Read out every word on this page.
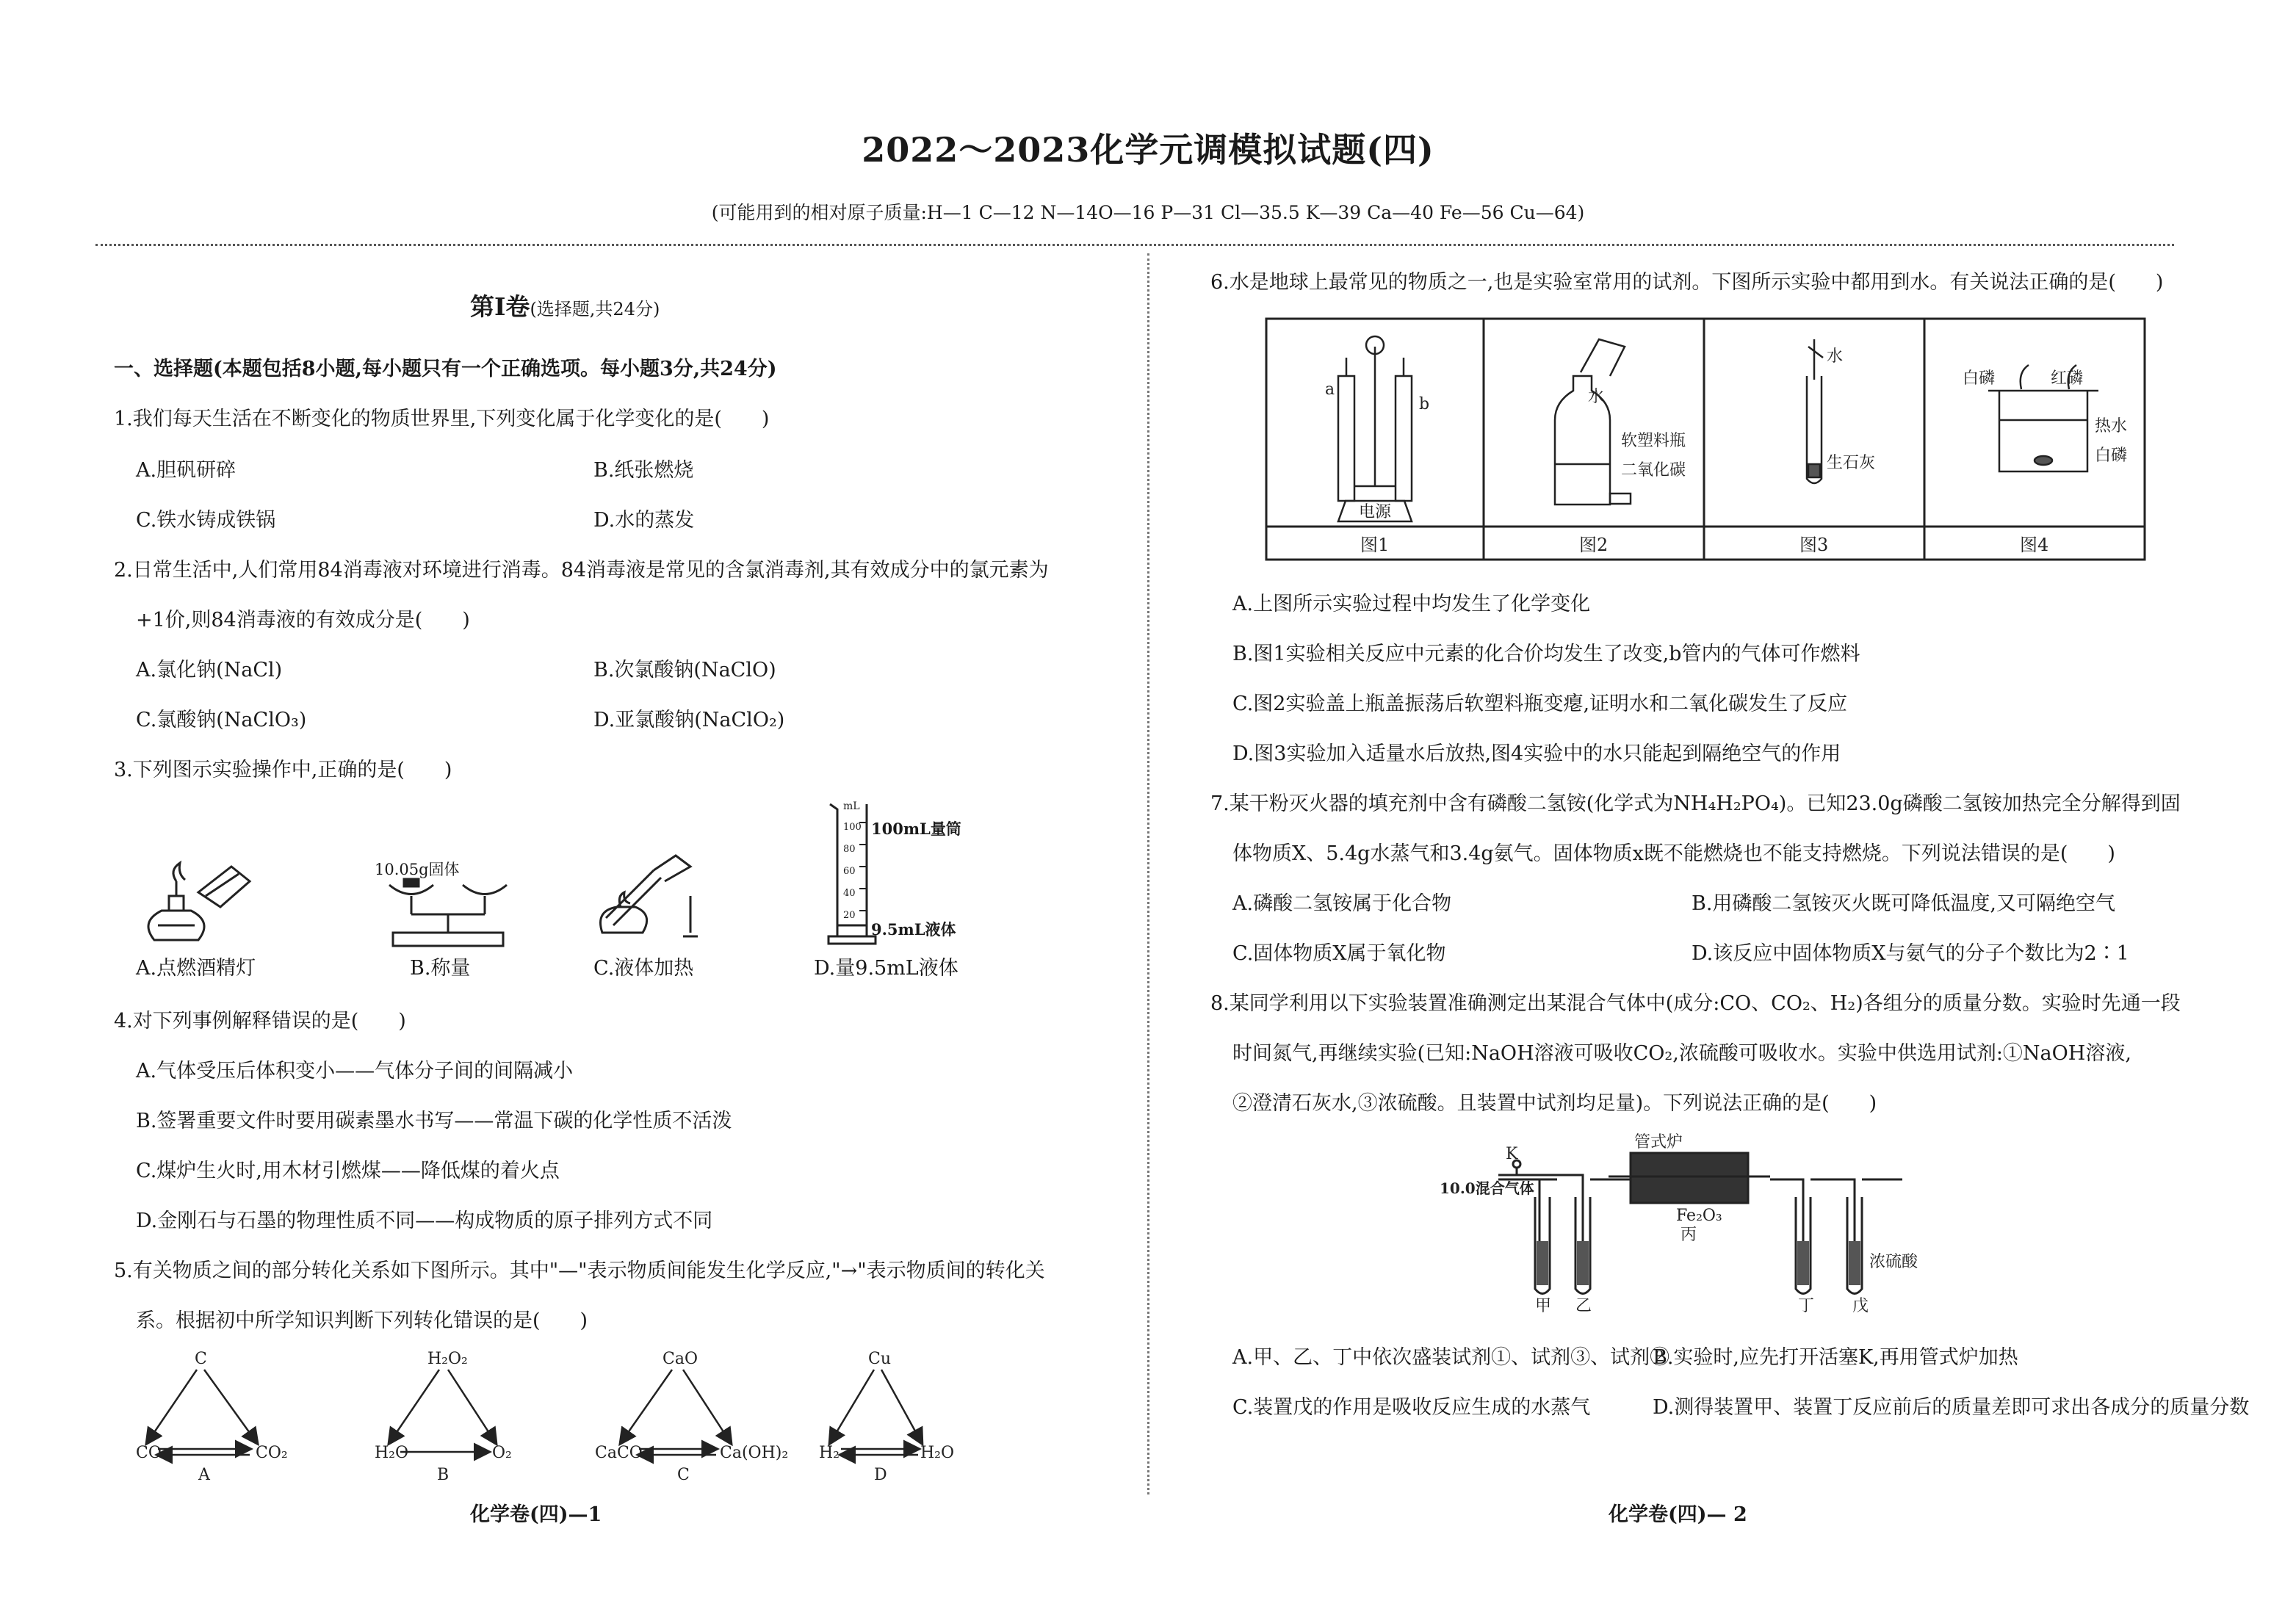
2022～2023化学元调模拟试题(四)
(可能用到的相对原子质量:H—1 C—12 N—14O—16 P—31 Cl—35.5 K—39 Ca—40 Fe—56 Cu—64)
第Ⅰ卷(选择题,共24分)
一、选择题(本题包括8小题,每小题只有一个正确选项。每小题3分,共24分)
1.我们每天生活在不断变化的物质世界里,下列变化属于化学变化的是(　　)
A.胆矾研碎	B.纸张燃烧
C.铁水铸成铁锅	D.水的蒸发
2.日常生活中,人们常用84消毒液对环境进行消毒。84消毒液是常见的含氯消毒剂,其有效成分中的氯元素为
+1价,则84消毒液的有效成分是(　　)
A.氯化钠(NaCl)	B.次氯酸钠(NaClO)
C.氯酸钠(NaClO₃)	D.亚氯酸钠(NaClO₂)
3.下列图示实验操作中,正确的是(　　)
A.点燃酒精灯
10.05g固体
B.称量	C.液体加热
mL
100
80
60
40
20
100mL量筒
9.5mL液体
D.量9.5mL液体
4.对下列事例解释错误的是(　　)
A.气体受压后体积变小——气体分子间的间隔减小
B.签署重要文件时要用碳素墨水书写——常温下碳的化学性质不活泼
C.煤炉生火时,用木材引燃煤——降低煤的着火点
D.金刚石与石墨的物理性质不同——构成物质的原子排列方式不同
5.有关物质之间的部分转化关系如下图所示。其中"—"表示物质间能发生化学反应,"→"表示物质间的转化关
系。根据初中所学知识判断下列转化错误的是(　　)
C
CO	CO₂
A
H₂O₂
H₂O	O₂
B
CaO
CaCO₃	Ca(OH)₂
C
Cu
H₂	H₂O
D
化学卷(四)—1
6.水是地球上最常见的物质之一,也是实验室常用的试剂。下图所示实验中都用到水。有关说法正确的是(　　)
a
b
电源
水
软塑料瓶
二氧化碳
水
生石灰
白磷	红磷
热水
白磷
图1	图2	图3	图4
A.上图所示实验过程中均发生了化学变化
B.图1实验相关反应中元素的化合价均发生了改变,b管内的气体可作燃料
C.图2实验盖上瓶盖振荡后软塑料瓶变瘪,证明水和二氧化碳发生了反应
D.图3实验加入适量水后放热,图4实验中的水只能起到隔绝空气的作用
7.某干粉灭火器的填充剂中含有磷酸二氢铵(化学式为NH₄H₂PO₄)。已知23.0g磷酸二氢铵加热完全分解得到固
体物质X、5.4g水蒸气和3.4g氨气。固体物质x既不能燃烧也不能支持燃烧。下列说法错误的是(　　)
A.磷酸二氢铵属于化合物	B.用磷酸二氢铵灭火既可降低温度,又可隔绝空气
C.固体物质X属于氧化物	D.该反应中固体物质X与氨气的分子个数比为2∶1
8.某同学利用以下实验装置准确测定出某混合气体中(成分:CO、CO₂、H₂)各组分的质量分数。实验时先通一段
时间氮气,再继续实验(已知:NaOH溶液可吸收CO₂,浓硫酸可吸收水。实验中供选用试剂:①NaOH溶液,
②澄清石灰水,③浓硫酸。且装置中试剂均足量)。下列说法正确的是(　　)
K
管式炉
10.0混合气体
Fe₂O₃
丙
甲 乙	丁 戊
浓硫酸
A.甲、乙、丁中依次盛装试剂①、试剂③、试剂②
B.实验时,应先打开活塞K,再用管式炉加热
C.装置戊的作用是吸收反应生成的水蒸气	D.测得装置甲、装置丁反应前后的质量差即可求出各成分的质量分数
化学卷(四)— 2
